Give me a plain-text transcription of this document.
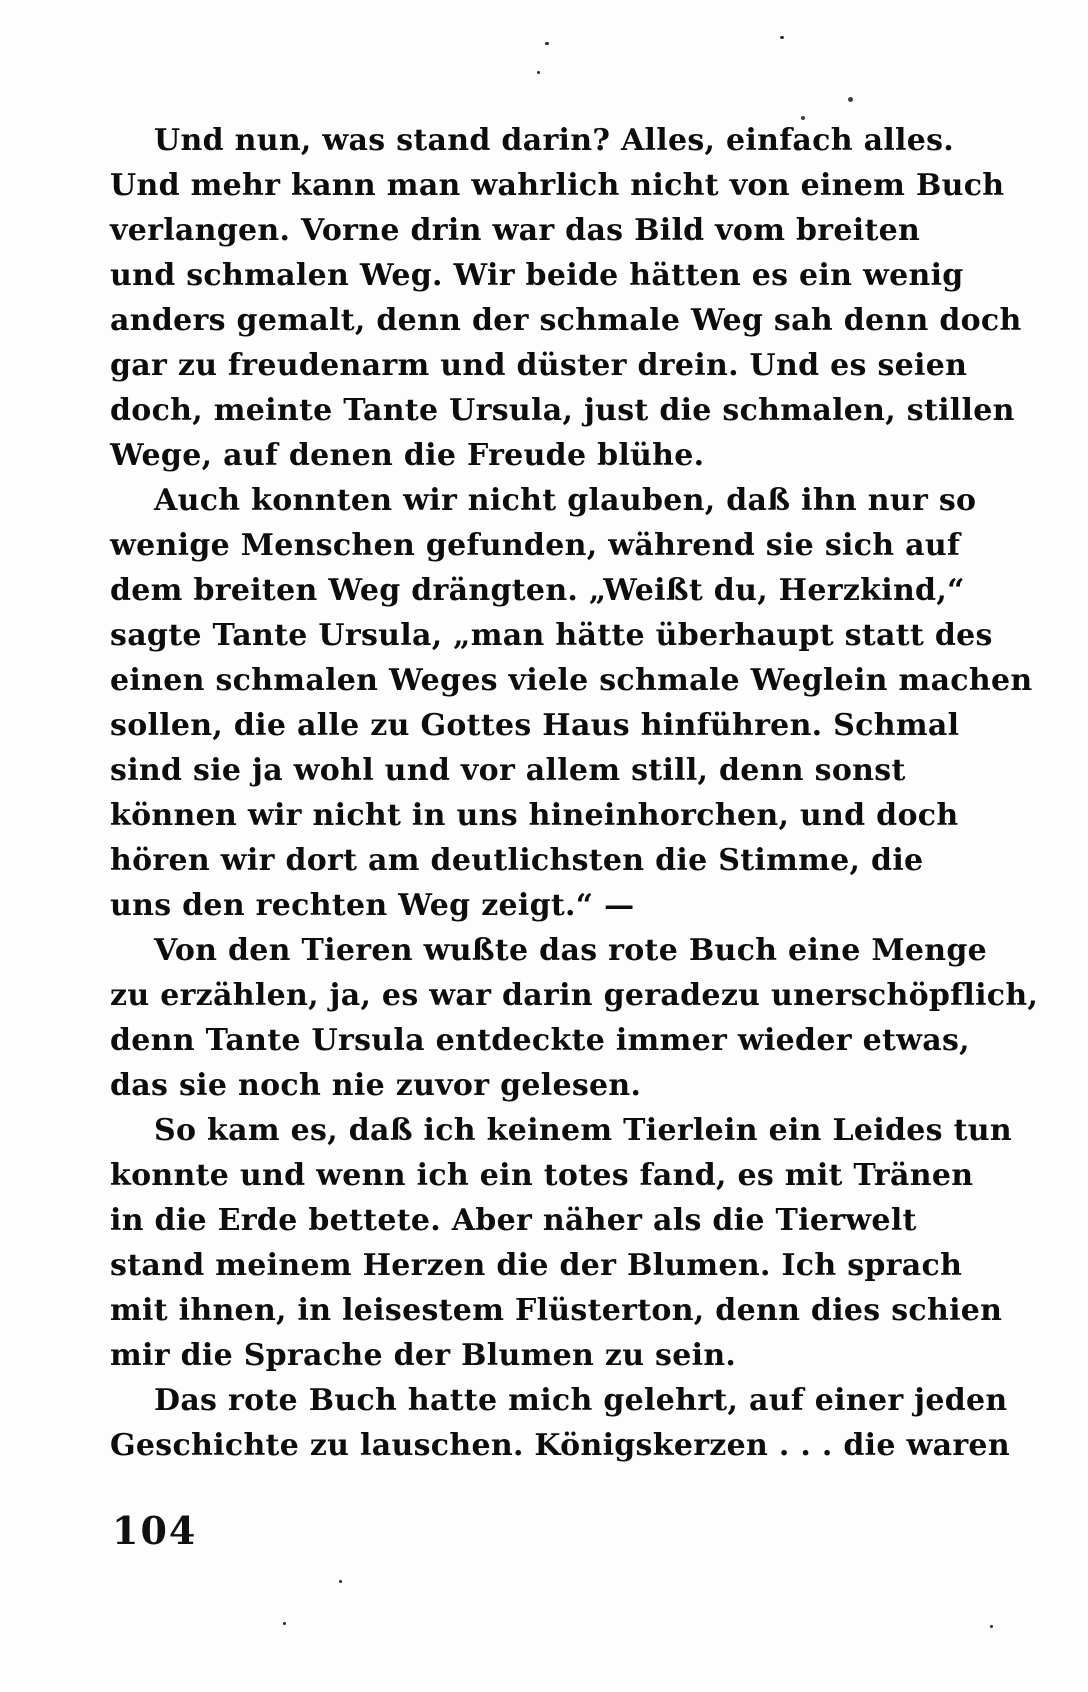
Und nun, was stand darin? Alles, einfach alles.
Und mehr kann man wahrlich nicht von einem Buch
verlangen. Vorne drin war das Bild vom breiten
und schmalen Weg. Wir beide hätten es ein wenig
anders gemalt, denn der schmale Weg sah denn doch
gar zu freudenarm und düster drein. Und es seien
doch, meinte Tante Ursula, just die schmalen, stillen
Wege, auf denen die Freude blühe.
Auch konnten wir nicht glauben, daß ihn nur so
wenige Menschen gefunden, während sie sich auf
dem breiten Weg drängten. „Weißt du, Herzkind,“
sagte Tante Ursula, „man hätte überhaupt statt des
einen schmalen Weges viele schmale Weglein machen
sollen, die alle zu Gottes Haus hinführen. Schmal
sind sie ja wohl und vor allem still, denn sonst
können wir nicht in uns hineinhorchen, und doch
hören wir dort am deutlichsten die Stimme, die
uns den rechten Weg zeigt.“ —
Von den Tieren wußte das rote Buch eine Menge
zu erzählen, ja, es war darin geradezu unerschöpflich,
denn Tante Ursula entdeckte immer wieder etwas,
das sie noch nie zuvor gelesen.
So kam es, daß ich keinem Tierlein ein Leides tun
konnte und wenn ich ein totes fand, es mit Tränen
in die Erde bettete. Aber näher als die Tierwelt
stand meinem Herzen die der Blumen. Ich sprach
mit ihnen, in leisestem Flüsterton, denn dies schien
mir die Sprache der Blumen zu sein.
Das rote Buch hatte mich gelehrt, auf einer jeden
Geschichte zu lauschen. Königskerzen . . . die waren
104
